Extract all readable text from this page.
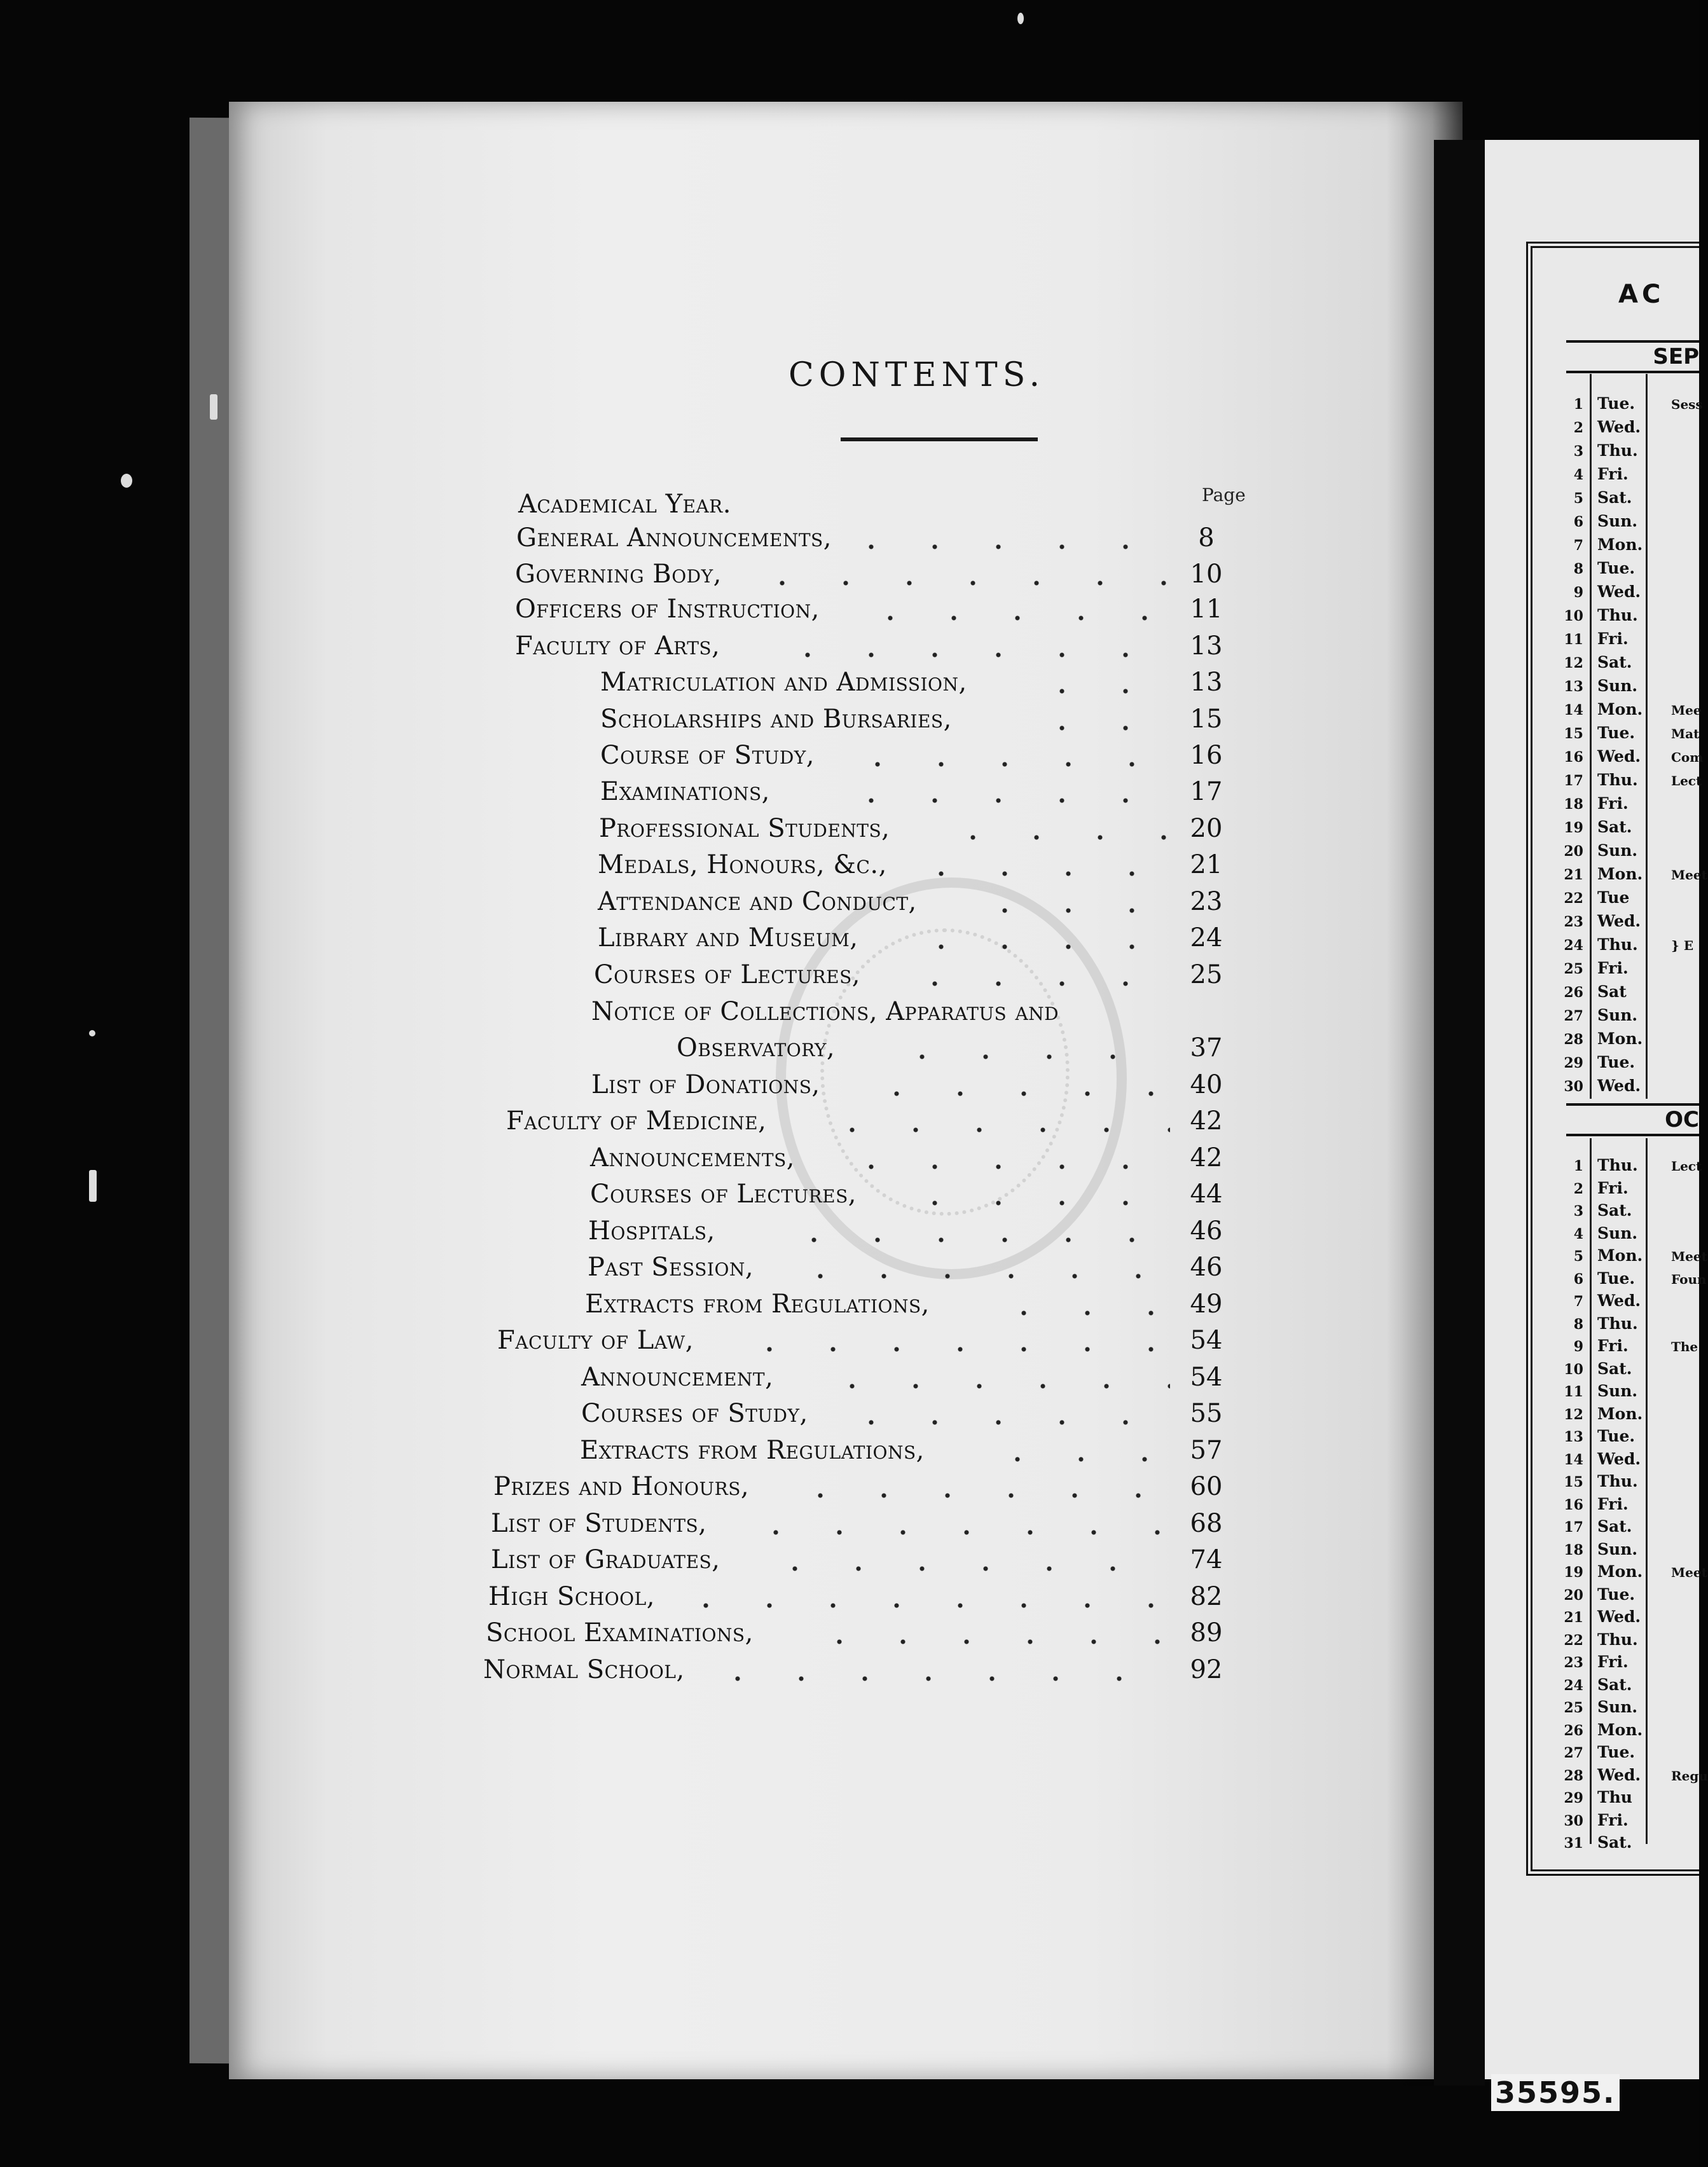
CONTENTS.
Page
Academical Year.
General Announcements,	8
Governing Body,	10
Officers of Instruction,	11
Faculty of Arts,	13
Matriculation and Admission,	13
Scholarships and Bursaries,	15
Course of Study,	16
Examinations,	17
Professional Students,	20
Medals, Honours, &c.,	21
Attendance and Conduct,	23
Library and Museum,	24
Courses of Lectures,	25
Notice of Collections, Apparatus and
Observatory,	37
List of Donations,	40
Faculty of Medicine,	42
Announcements,	42
Courses of Lectures,	44
Hospitals,	46
Past Session,	46
Extracts from Regulations,	49
Faculty of Law,	54
Announcement,	54
Courses of Study,	55
Extracts from Regulations,	57
Prizes and Honours,	60
List of Students,	68
List of Graduates,	74
High School,	82
School Examinations,	89
Normal School,	92
AC
SEP
OC
1 Tue.	Sess
2 Wed.
3 Thu.
4 Fri.
5 Sat.
6 Sun.
7 Mon.
8 Tue.
9 Wed.
10 Thu.
11 Fri.
12 Sat.
13 Sun.
14 Mon. Mee
15 Tue.	Mat
16 Wed. Com
17 Thu.	Lect
18 Fri.
19 Sat.
20 Sun.
21 Mon. Meet
22 Tue
23 Wed.
24 Thu.	} E
25 Fri.
26 Sat
27 Sun.
28 Mon.
29 Tue.
30 Wed.
1 Thu.	Lect
2 Fri.
3 Sat.
4 Sun.
5 Mon. Meet
6 Tue.	Foun
7 Wed.
8 Thu.
9 Fri.	The
10 Sat.
11 Sun.
12 Mon.
13 Tue.
14 Wed.
15 Thu.
16 Fri.
17 Sat.
18 Sun.
19 Mon. Meet
20 Tue.
21 Wed.
22 Thu.
23 Fri.
24 Sat.
25 Sun.
26 Mon.
27 Tue.
28 Wed. Regu
29 Thu
30 Fri.
31 Sat.
35595.
